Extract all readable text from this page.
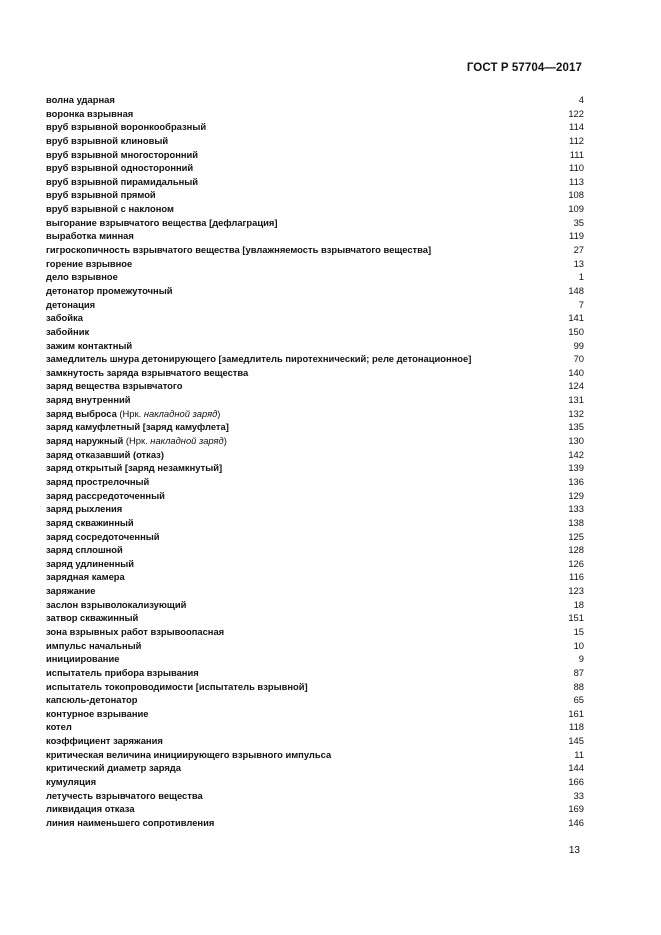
ГОСТ Р 57704—2017
волна ударная	4
воронка взрывная	122
вруб взрывной воронкообразный	114
вруб взрывной клиновый	112
вруб взрывной многосторонний	111
вруб взрывной односторонний	110
вруб взрывной пирамидальный	113
вруб взрывной прямой	108
вруб взрывной с наклоном	109
выгорание взрывчатого вещества [дефлаграция]	35
выработка минная	119
гигроскопичность взрывчатого вещества [увлажняемость взрывчатого вещества]	27
горение взрывное	13
дело взрывное	1
детонатор промежуточный	148
детонация	7
забойка	141
забойник	150
зажим контактный	99
замедлитель шнура детонирующего [замедлитель пиротехнический; реле детонационное]	70
замкнутость заряда взрывчатого вещества	140
заряд вещества взрывчатого	124
заряд внутренний	131
заряд выброса (Нрк. накладной заряд)	132
заряд камуфлетный [заряд камуфлета]	135
заряд наружный (Нрк. накладной заряд)	130
заряд отказавший (отказ)	142
заряд открытый [заряд незамкнутый]	139
заряд прострелочный	136
заряд рассредоточенный	129
заряд рыхления	133
заряд скважинный	138
заряд сосредоточенный	125
заряд сплошной	128
заряд удлиненный	126
зарядная камера	116
заряжание	123
заслон взрыволокализующий	18
затвор скважинный	151
зона взрывных работ взрывоопасная	15
импульс начальный	10
инициирование	9
испытатель прибора взрывания	87
испытатель токопроводимости [испытатель взрывной]	88
капсюль-детонатор	65
контурное взрывание	161
котел	118
коэффициент заряжания	145
критическая величина инициирующего взрывного импульса	11
критический диаметр заряда	144
кумуляция	166
летучесть взрывчатого вещества	33
ликвидация отказа	169
линия наименьшего сопротивления	146
13
